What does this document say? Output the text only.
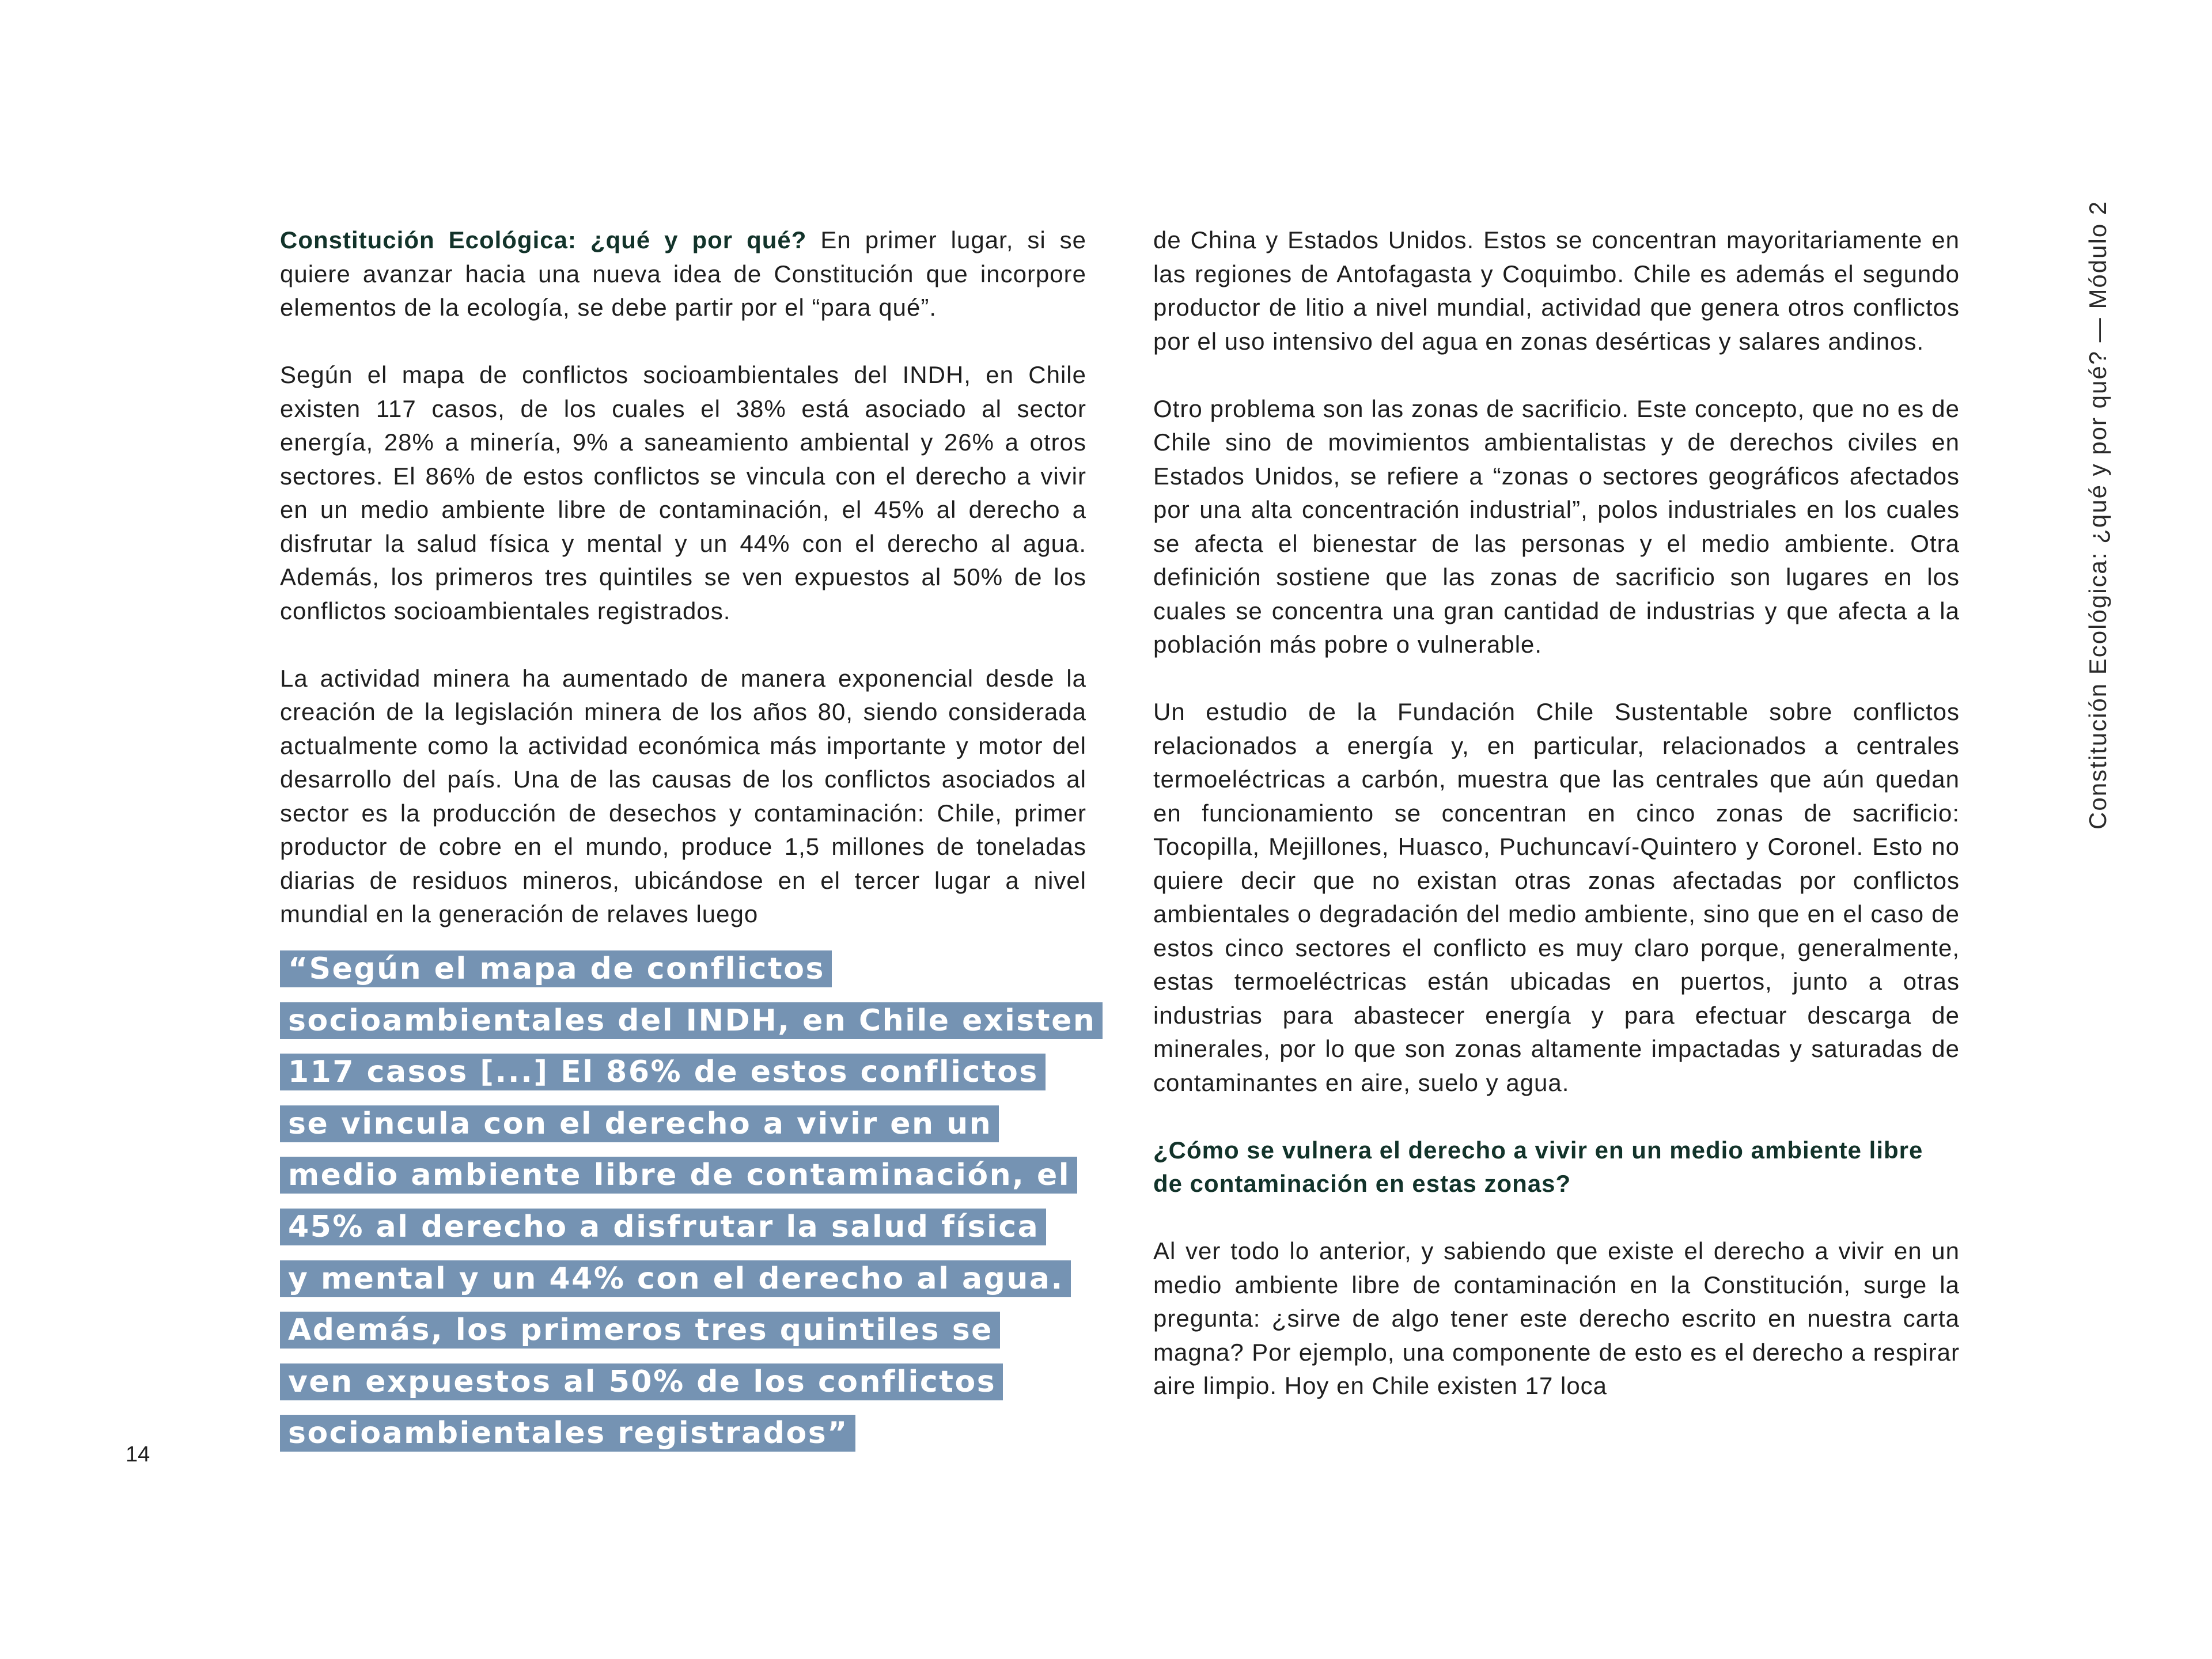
Constitución Ecológica: ¿qué y por qué? — Módulo 2

Constitución Ecológica: ¿qué y por qué? En primer lugar, si se quiere avanzar hacia una nueva idea de Constitución que incorpore elementos de la ecología, se debe partir por el “para qué”.

Según el mapa de conflictos socioambientales del INDH, en Chile existen 117 casos, de los cuales el 38% está asociado al sector energía, 28% a minería, 9% a saneamiento ambiental y 26% a otros sectores. El 86% de estos conflictos se vincula con el derecho a vivir en un medio ambiente libre de contaminación, el 45% al derecho a disfrutar la salud física y mental y un 44% con el derecho al agua. Además, los primeros tres quintiles se ven expuestos al 50% de los conflictos socioambientales registrados.

La actividad minera ha aumentado de manera exponencial desde la creación de la legislación minera de los años 80, siendo considerada actualmente como la actividad económica más importante y motor del desarrollo del país. Una de las causas de los conflictos asociados al sector es la producción de desechos y contaminación: Chile, primer productor de cobre en el mundo, produce 1,5 millones de toneladas diarias de residuos mineros, ubicándose en el tercer lugar a nivel mundial en la generación de relaves luego

“Según el mapa de conflictos
socioambientales del INDH, en Chile existen
117 casos [...] El 86% de estos conflictos
se vincula con el derecho a vivir en un
medio ambiente libre de contaminación, el
45% al derecho a disfrutar la salud física
y mental y un 44% con el derecho al agua.
Además, los primeros tres quintiles se
ven expuestos al 50% de los conflictos
socioambientales registrados”
14

de China y Estados Unidos. Estos se concentran mayoritariamente en las regiones de Antofagasta y Coquimbo. Chile es además el segundo productor de litio a nivel mundial, actividad que genera otros conflictos por el uso intensivo del agua en zonas desérticas y salares andinos.

Otro problema son las zonas de sacrificio. Este concepto, que no es de Chile sino de movimientos ambientalistas y de derechos civiles en Estados Unidos, se refiere a “zonas o sectores geográficos afectados por una alta concentración industrial”, polos industriales en los cuales se afecta el bienestar de las personas y el medio ambiente. Otra definición sostiene que las zonas de sacrificio son lugares en los cuales se concentra una gran cantidad de industrias y que afecta a la población más pobre o vulnerable.

Un estudio de la Fundación Chile Sustentable sobre conflictos relacionados a energía y, en particular, relacionados a centrales termoeléctricas a carbón, muestra que las centrales que aún quedan en funcionamiento se concentran en cinco zonas de sacrificio: Tocopilla, Mejillones, Huasco, Puchuncaví-Quintero y Coronel. Esto no quiere decir que no existan otras zonas afectadas por conflictos ambientales o degradación del medio ambiente, sino que en el caso de estos cinco sectores el conflicto es muy claro porque, generalmente, estas termoeléctricas están ubicadas en puertos, junto a otras industrias para abastecer energía y para efectuar descarga de minerales, por lo que son zonas altamente impactadas y saturadas de contaminantes en aire, suelo y agua.

¿Cómo se vulnera el derecho a vivir en un medio ambiente libre de contaminación en estas zonas?

Al ver todo lo anterior, y sabiendo que existe el derecho a vivir en un medio ambiente libre de contaminación en la Constitución, surge la pregunta: ¿sirve de algo tener este derecho escrito en nuestra carta magna? Por ejemplo, una componente de esto es el derecho a respirar aire limpio. Hoy en Chile existen 17 loca
